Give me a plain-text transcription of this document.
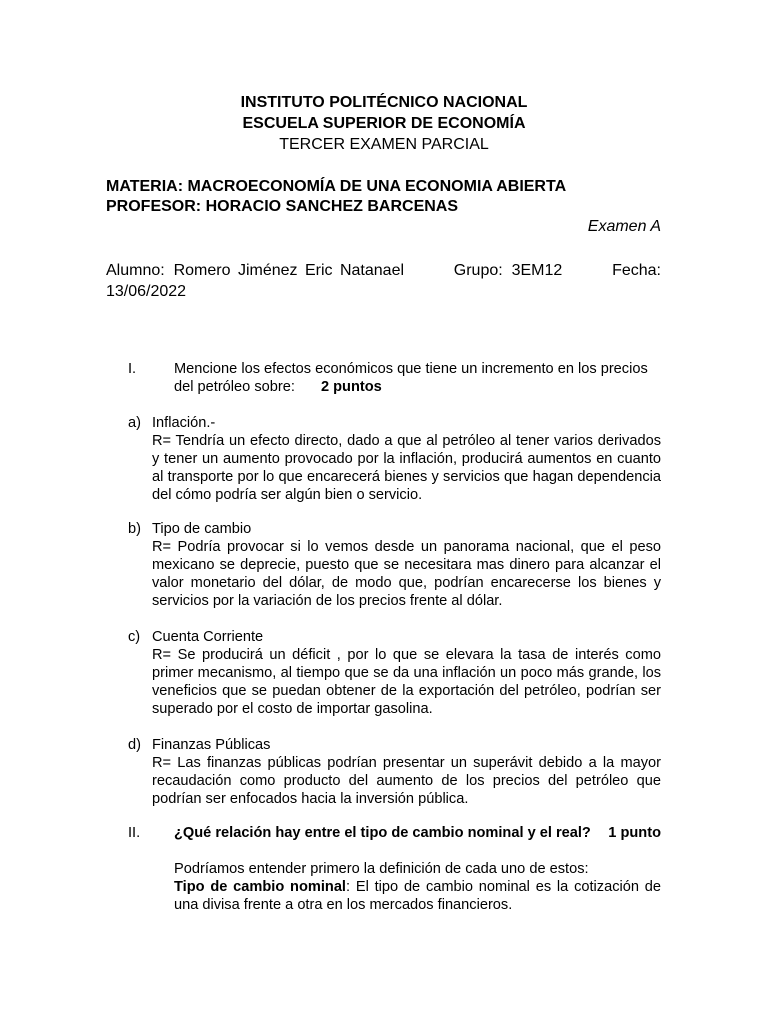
INSTITUTO POLITÉCNICO NACIONAL
ESCUELA SUPERIOR DE ECONOMÍA
TERCER EXAMEN PARCIAL
MATERIA: MACROECONOMÍA DE UNA ECONOMIA ABIERTA
PROFESOR: HORACIO SANCHEZ BARCENAS
Examen A
Alumno: Romero Jiménez Eric Natanael	Grupo: 3EM12	Fecha:
13/06/2022
I.	Mencione los efectos económicos que tiene un incremento en los precios
del petróleo sobre: 2 puntos
a) Inflación.-
R= Tendría un efecto directo, dado a que al petróleo al tener varios derivados y tener un aumento provocado por la inflación, producirá aumentos en cuanto al transporte por lo que encarecerá bienes y servicios que hagan dependencia del cómo podría ser algún bien o servicio.
b) Tipo de cambio
R= Podría provocar si lo vemos desde un panorama nacional, que el peso mexicano se deprecie, puesto que se necesitara mas dinero para alcanzar el valor monetario del dólar, de modo que, podrían encarecerse los bienes y servicios por la variación de los precios frente al dólar.
c) Cuenta Corriente
R= Se producirá un déficit , por lo que se elevara la tasa de interés como primer mecanismo, al tiempo que se da una inflación un poco más grande, los veneficios que se puedan obtener de la exportación del petróleo, podrían ser superado por el costo de importar gasolina.
d) Finanzas Públicas
R= Las finanzas públicas podrían presentar un superávit debido a la mayor recaudación como producto del aumento de los precios del petróleo que podrían ser enfocados hacia la inversión pública.
II. ¿Qué relación hay entre el tipo de cambio nominal y el real? 1 punto
Podríamos entender primero la definición de cada uno de estos:
Tipo de cambio nominal: El tipo de cambio nominal es la cotización de una divisa frente a otra en los mercados financieros.
